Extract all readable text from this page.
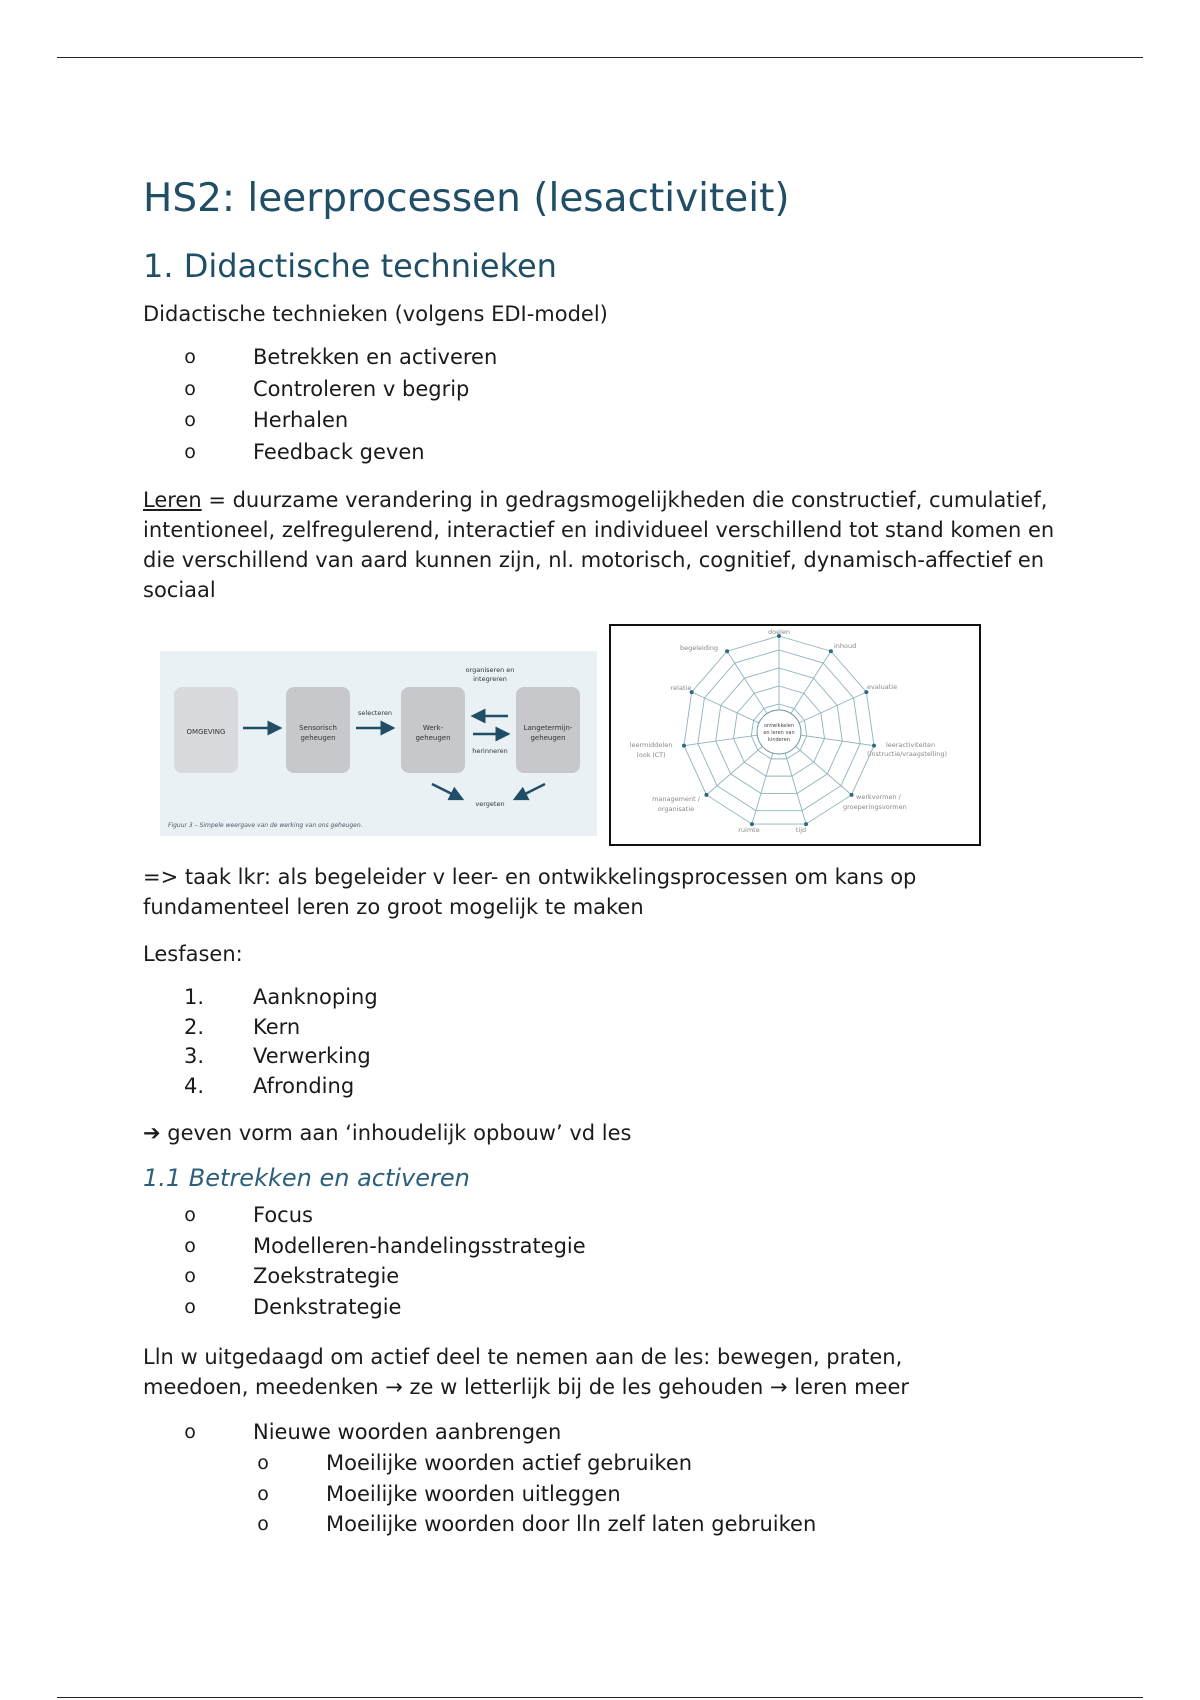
HS2: leerprocessen (lesactiviteit)
1. Didactische technieken
Didactische technieken (volgens EDI-model)
o	Betrekken en activeren
o	Controleren v begrip
o	Herhalen
o	Feedback geven
Leren = duurzame verandering in gedragsmogelijkheden die constructief, cumulatief, intentioneel, zelfregulerend, interactief en individueel verschillend tot stand komen en die verschillend van aard kunnen zijn, nl. motorisch, cognitief, dynamisch-affectief en sociaal
OMGEVING	Sensorisch
geheugen
Werk-
geheugen
Langetermijn-
geheugen
selecteren
organiseren en
integreren
herinneren
vergeten
Figuur 3 – Simpele weergave van de werking van ons geheugen.
ontwikkelen
en leren van
kinderen
doelen
inhoud
evaluatie
leeractiviteiten
(instructie/vraagstelling)
werkvormen /
groeperingsvormen
tijd
ruimte
management /
organisatie
leermiddelen
(ook ICT)
relatie
begeleiding
=> taak lkr: als begeleider v leer- en ontwikkelingsprocessen om kans op fundamenteel leren zo groot mogelijk te maken
Lesfasen:
1. Aanknoping
2. Kern
3. Verwerking
4. Afronding
➔ geven vorm aan ‘inhoudelijk opbouw’ vd les
1.1 Betrekken en activeren
o	Focus
o	Modelleren-handelingsstrategie
o	Zoekstrategie
o	Denkstrategie
Lln w uitgedaagd om actief deel te nemen aan de les: bewegen, praten, meedoen, meedenken → ze w letterlijk bij de les gehouden → leren meer
o	Nieuwe woorden aanbrengen
o	Moeilijke woorden actief gebruiken
o	Moeilijke woorden uitleggen
o	Moeilijke woorden door lln zelf laten gebruiken
